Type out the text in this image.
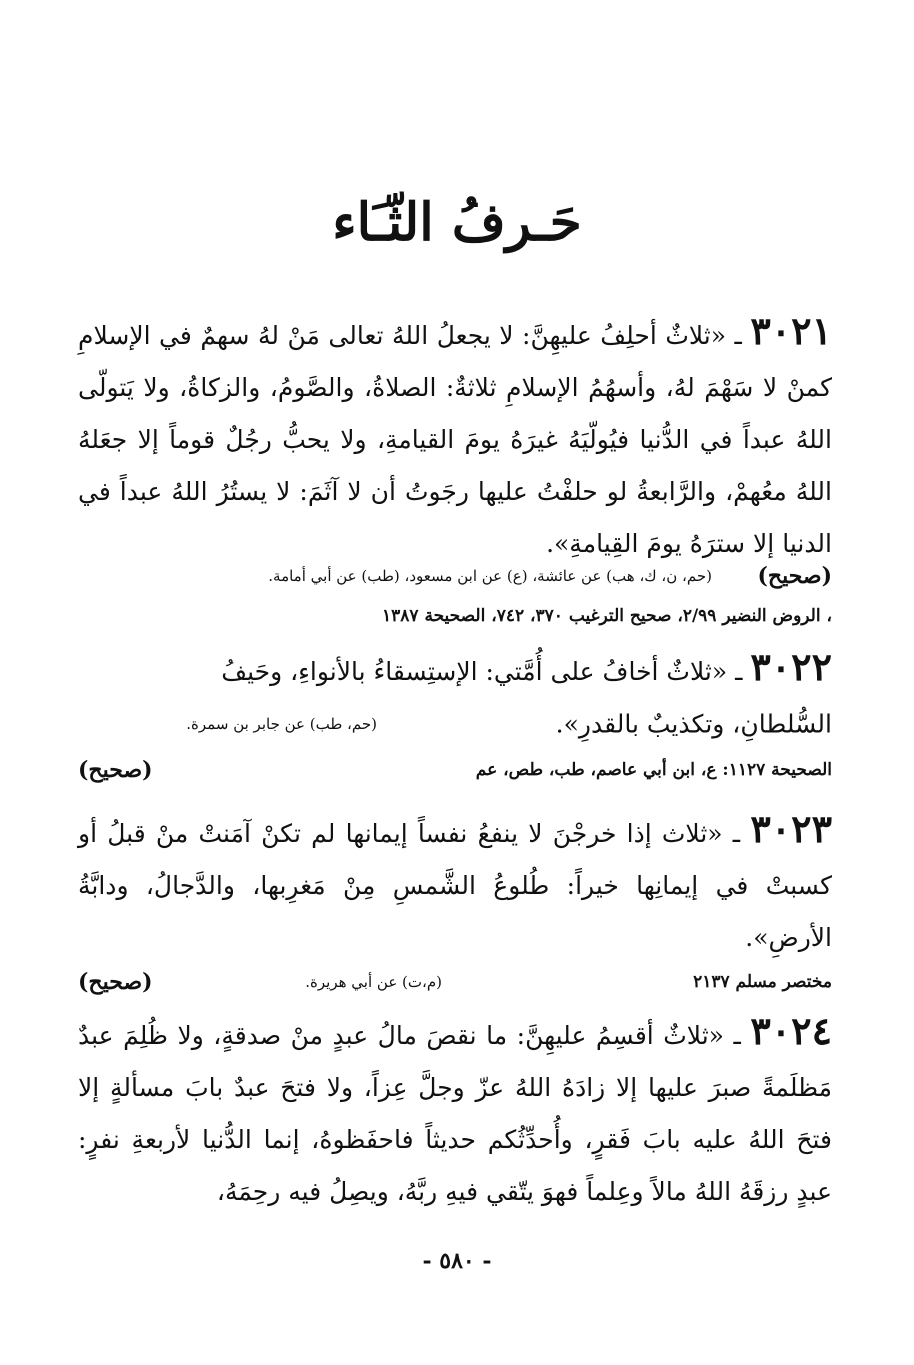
حَـرفُ الثّـَاء
٣٠٢١ ـ «ثلاثٌ أحلِفُ عليهِنَّ: لا يجعلُ اللهُ تعالى مَنْ لهُ سهمٌ في الإسلامِ كمنْ لا سَهْمَ لهُ، وأسهُمُ الإسلامِ ثلاثةٌ: الصلاةُ، والصَّومُ، والزكاةُ، ولا يَتولّى اللهُ عبداً في الدُّنيا فيُولّيَهُ غيرَهُ يومَ القيامةِ، ولا يحبُّ رجُلٌ قوماً إلا جعَلهُ اللهُ معُهمْ، والرَّابعةُ لو حلفْتُ عليها رجَوتُ أن لا آثَمَ: لا يستُرُ اللهُ عبداً في الدنيا إلا سترَهُ يومَ القِيامةِ».
(صحيح)
(حم، ن، ك، هب) عن عائشة، (ع) عن ابن مسعود، (طب) عن أبي أمامة.
، الروض النضير ٢/٩٩، صحيح الترغيب ٣٧٠، ٧٤٢، الصحيحة ١٣٨٧
٣٠٢٢ ـ «ثلاثٌ أخافُ على أُمَّتي: الإستِسقاءُ بالأنواءِ، وحَيفُ
السُّلطانِ، وتكذيبٌ بالقدرِ».
(حم، طب) عن جابر بن سمرة.
الصحيحة ١١٢٧: ع، ابن أبي عاصم، طب، طص، عم
(صحيح)
٣٠٢٣ ـ «ثلاث إذا خرجْنَ لا ينفعُ نفساً إيمانها لم تكنْ آمَنتْ منْ قبلُ أو كسبتْ في إيمانِها خيراً: طُلوعُ الشَّمسِ مِنْ مَغرِبها، والدَّجالُ، ودابَّةُ الأرضِ».
مختصر مسلم ٢١٣٧
(م،ت) عن أبي هريرة.
(صحيح)
٣٠٢٤ ـ «ثلاثٌ أقسِمُ عليهِنَّ: ما نقصَ مالُ عبدٍ منْ صدقةٍ، ولا ظُلِمَ عبدٌ مَظلَمةً صبرَ عليها إلا زادَهُ اللهُ عزّ وجلَّ عِزاً، ولا فتحَ عبدٌ بابَ مسألةٍ إلا فتحَ اللهُ عليه بابَ فَقرٍ، وأُحدِّثُكم حديثاً فاحفَظوهُ، إنما الدُّنيا لأربعةِ نفرٍ: عبدٍ رزقَهُ اللهُ مالاً وعِلماً فهوَ يتّقي فيهِ ربَّهُ، ويصِلُ فيه رحِمَهُ،
- ٥٨٠ -
